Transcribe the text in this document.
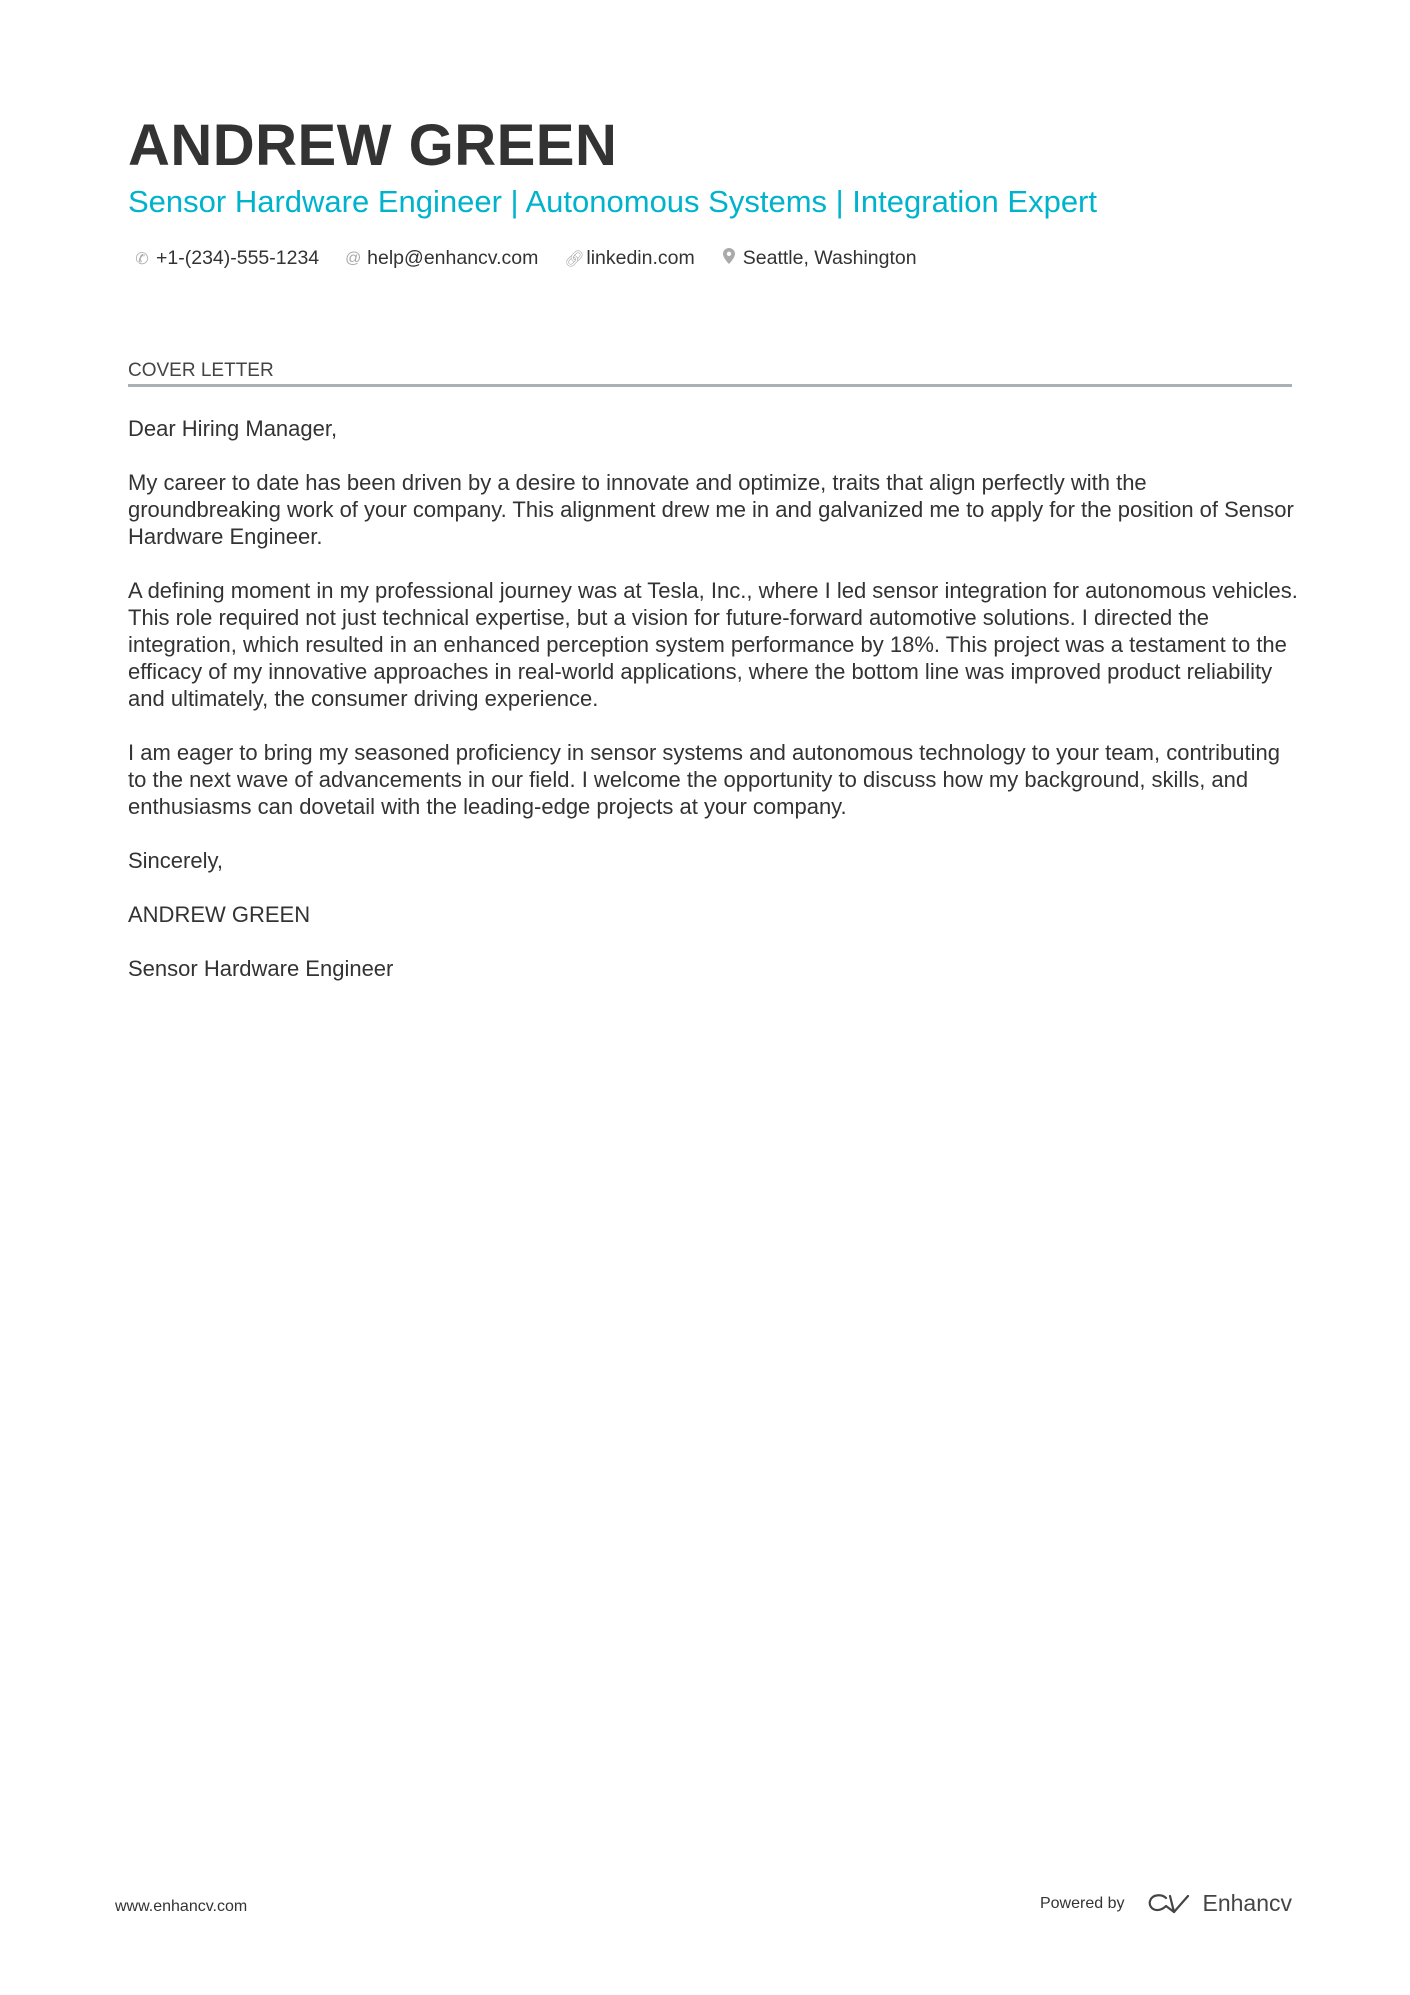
ANDREW GREEN
Sensor Hardware Engineer | Autonomous Systems | Integration Expert
✆ +1-(234)-555-1234 @ help@enhancv.com 🔗︎ linkedin.com Seattle, Washington
COVER LETTER

Dear Hiring Manager,

My career to date has been driven by a desire to innovate and optimize, traits that align perfectly with the groundbreaking work of your company. This alignment drew me in and galvanized me to apply for the position of Sensor Hardware Engineer.

A defining moment in my professional journey was at Tesla, Inc., where I led sensor integration for autonomous vehicles. This role required not just technical expertise, but a vision for future-forward automotive solutions. I directed the integration, which resulted in an enhanced perception system performance by 18%. This project was a testament to the efficacy of my innovative approaches in real-world applications, where the bottom line was improved product reliability and ultimately, the consumer driving experience.

I am eager to bring my seasoned proficiency in sensor systems and autonomous technology to your team, contributing to the next wave of advancements in our field. I welcome the opportunity to discuss how my background, skills, and enthusiasms can dovetail with the leading-edge projects at your company.

Sincerely,

ANDREW GREEN

Sensor Hardware Engineer

www.enhancv.com	Powered by	Enhancv
